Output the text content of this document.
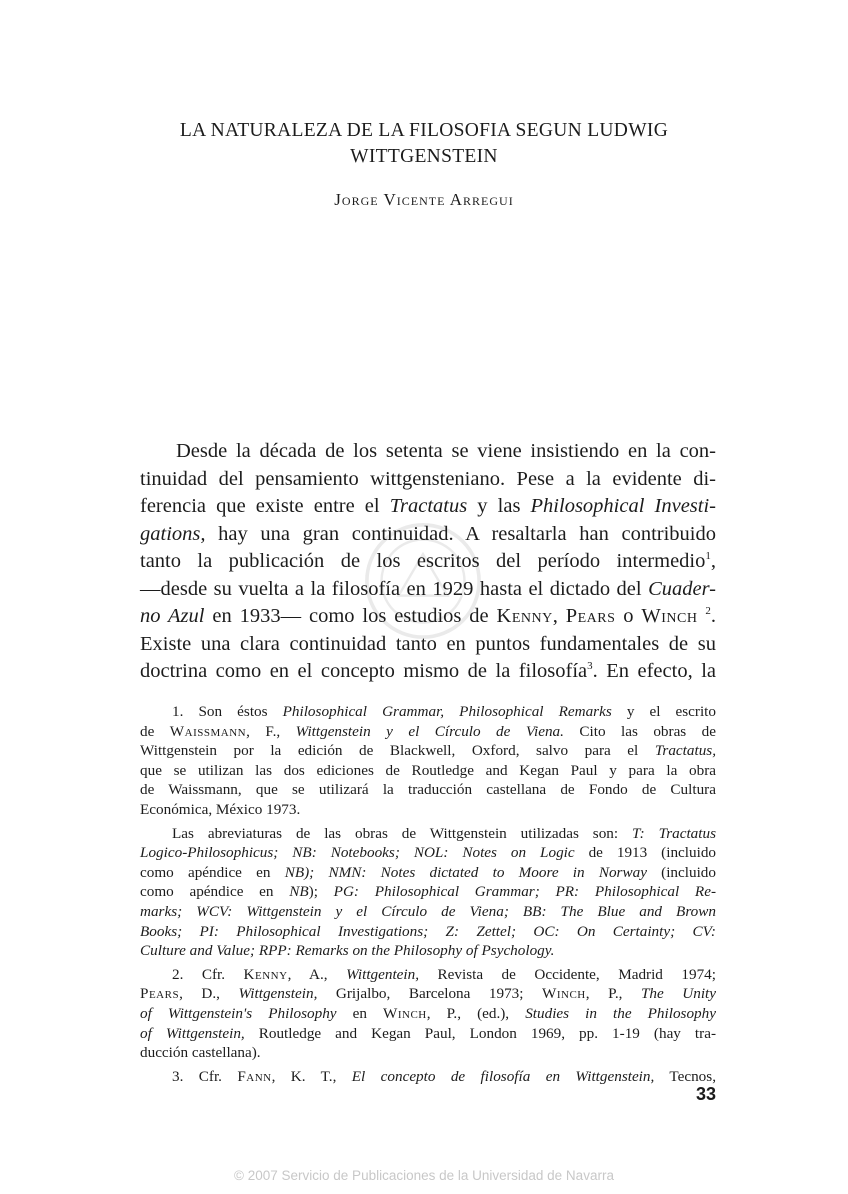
LA NATURALEZA DE LA FILOSOFIA SEGUN LUDWIG
WITTGENSTEIN
Jorge Vicente Arregui
Desde la década de los setenta se viene insistiendo en la con-
tinuidad del pensamiento wittgensteniano. Pese a la evidente di-
ferencia que existe entre el Tractatus y las Philosophical Investi-
gations, hay una gran continuidad. A resaltarla han contribuido
tanto la publicación de los escritos del período intermedio$^1$,
—desde su vuelta a la filosofía en 1929 hasta el dictado del Cuader-
no Azul en 1933— como los estudios de Kenny, Pears o Winch $^2$.
Existe una clara continuidad tanto en puntos fundamentales de su
doctrina como en el concepto mismo de la filosofía$^3$. En efecto, la
1. Son éstos Philosophical Grammar, Philosophical Remarks y el escrito
de Waissmann, F., Wittgenstein y el Círculo de Viena. Cito las obras de
Wittgenstein por la edición de Blackwell, Oxford, salvo para el Tractatus,
que se utilizan las dos ediciones de Routledge and Kegan Paul y para la obra
de Waissmann, que se utilizará la traducción castellana de Fondo de Cultura
Económica, México 1973.
Las abreviaturas de las obras de Wittgenstein utilizadas son: T: Tractatus
Logico-Philosophicus; NB: Notebooks; NOL: Notes on Logic de 1913 (incluido
como apéndice en NB); NMN: Notes dictated to Moore in Norway (incluido
como apéndice en NB); PG: Philosophical Grammar; PR: Philosophical Re-
marks; WCV: Wittgenstein y el Círculo de Viena; BB: The Blue and Brown
Books; PI: Philosophical Investigations; Z: Zettel; OC: On Certainty; CV:
Culture and Value; RPP: Remarks on the Philosophy of Psychology.
2. Cfr. Kenny, A., Wittgentein, Revista de Occidente, Madrid 1974;
Pears, D., Wittgenstein, Grijalbo, Barcelona 1973; Winch, P., The Unity
of Wittgenstein's Philosophy en Winch, P., (ed.), Studies in the Philosophy
of Wittgenstein, Routledge and Kegan Paul, London 1969, pp. 1-19 (hay tra-
ducción castellana).
3. Cfr. Fann, K. T., El concepto de filosofía en Wittgenstein, Tecnos,
33
© 2007 Servicio de Publicaciones de la Universidad de Navarra
